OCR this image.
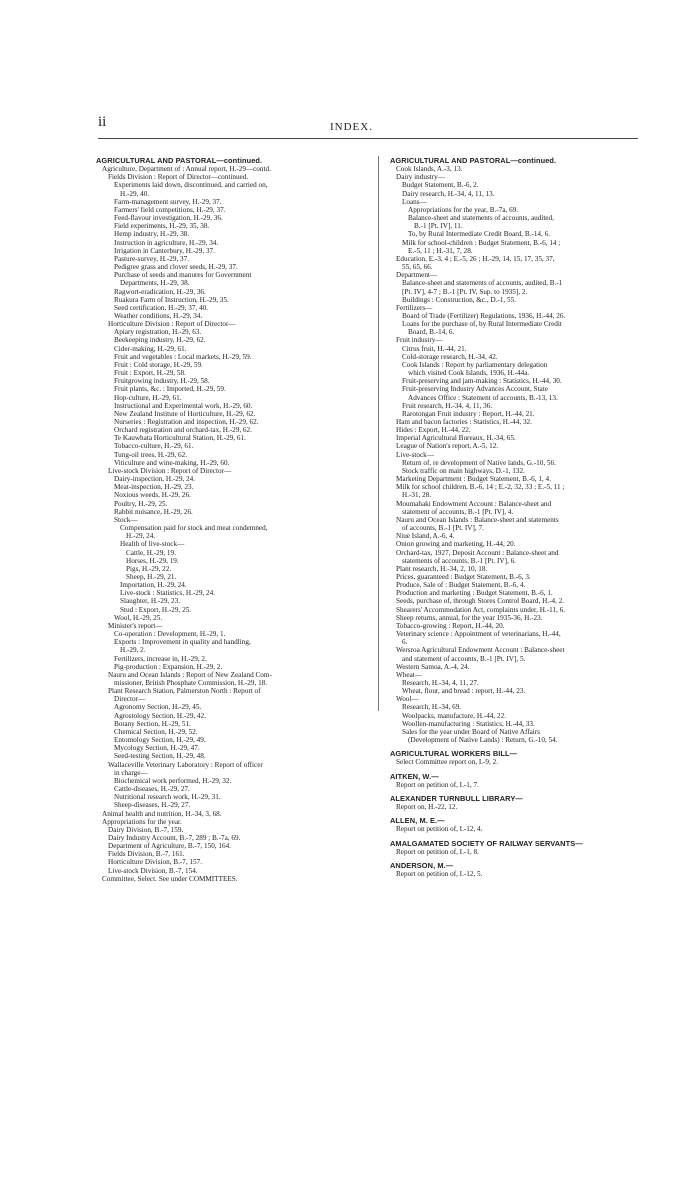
ii	INDEX.
AGRICULTURAL AND PASTORAL—continued.
Agriculture, Department of : Annual report, H.-29—contd.
Fields Division : Report of Director—continued.
Experiments laid down, discontinued, and carried on,
H.-29, 40.
Farm-management survey, H.-29, 37.
Farmers' field competitions, H.-29, 37.
Feed-flavour investigation, H.-29, 36.
Field experiments, H.-29, 35, 38.
Hemp industry, H.-29, 38.
Instruction in agriculture, H.-29, 34.
Irrigation in Canterbury, H.-29, 37.
Pasture-survey, H.-29, 37.
Pedigree grass and clover seeds, H.-29, 37.
Purchase of seeds and manures for Government
Departments, H.-29, 38.
Ragwort-eradication, H.-29, 36.
Ruakura Farm of Instruction, H.-29, 35.
Seed certification, H.-29, 37, 40.
Weather conditions, H.-29, 34.
Horticulture Division : Report of Director—
Apiary registration, H.-29, 63.
Beekeeping industry, H.-29, 62.
Cider-making, H.-29, 61.
Fruit and vegetables : Local markets, H.-29, 59.
Fruit : Cold storage, H.-29, 59.
Fruit : Export, H.-29, 58.
Fruitgrowing industry, H.-29, 58.
Fruit plants, &c. : Imported, H.-29, 59.
Hop-culture, H.-29, 61.
Instructional and Experimental work, H.-29, 60.
New Zealand Institute of Horticulture, H.-29, 62.
Nurseries : Registration and inspection, H.-29, 62.
Orchard registration and orchard-tax, H.-29, 62.
Te Kauwhata Horticultural Station, H.-29, 61.
Tobacco-culture, H.-29, 61.
Tung-oil trees, H.-29, 62.
Viticulture and wine-making, H.-29, 60.
Live-stock Division : Report of Director—
Dairy-inspection, H.-29, 24.
Meat-inspection, H.-29, 23.
Noxious weeds, H.-29, 26.
Poultry, H.-29, 25.
Rabbit nuisance, H.-29, 26.
Stock—
Compensation paid for stock and meat condemned,
H.-29, 24.
Health of live-stock—
Cattle, H.-29, 19.
Horses, H.-29, 19.
Pigs, H.-29, 22.
Sheep, H.-29, 21.
Importation, H.-29, 24.
Live-stock : Statistics, H.-29, 24.
Slaughter, H.-29, 23.
Stud : Export, H.-29, 25.
Wool, H.-29, 25.
Minister's report—
Co-operation : Development, H.-29, 1.
Exports : Improvement in quality and handling,
H.-29, 2.
Fertilizers, increase in, H.-29, 2.
Pig-production : Expansion, H.-29, 2.
Nauru and Ocean Islands : Report of New Zealand Com-
missioner, British Phosphate Commission, H.-29, 18.
Plant Research Station, Palmerston North : Report of
Director—
Agronomy Section, H.-29, 45.
Agrostology Section, H.-29, 42.
Botany Section, H.-29, 51.
Chemical Section, H.-29, 52.
Entomology Section, H.-29, 49.
Mycology Section, H.-29, 47.
Seed-testing Section, H.-29, 48.
Wallaceville Veterinary Laboratory : Report of officer
in charge—
Biochemical work performed, H.-29, 32.
Cattle-diseases, H.-29, 27.
Nutritional research work, H.-29, 31.
Sheep-diseases, H.-29, 27.
Animal health and nutrition, H.-34, 3, 68.
Appropriations for the year.
Dairy Division, B.-7, 159.
Dairy Industry Account, B.-7, 289 ; B.-7a, 69.
Department of Agriculture, B.-7, 150, 164.
Fields Division, B.-7, 161.
Horticulture Division, B.-7, 157.
Live-stock Division, B.-7, 154.
Committee, Select. See under COMMITTEES.
AGRICULTURAL AND PASTORAL—continued.
Cook Islands, A.-3, 13.
Dairy industry—
Budget Statement, B.-6, 2.
Dairy research, H.-34, 4, 11, 13.
Loans—
Appropriations for the year, B.-7a, 69.
Balance-sheet and statements of accounts, audited,
B.-1 [Pt. IV], 11.
To, by Rural Intermediate Credit Board, B.-14, 6.
Milk for school-children : Budget Statement, B.-6, 14 ;
E.-5, 11 ; H.-31, 7, 28.
Education, E.-3, 4 ; E.-5, 26 ; H.-29, 14, 15, 17, 35, 37,
55, 65, 66.
Department—
Balance-sheet and statements of accounts, audited, B.-1
[Pt. IV], 4-7 ; B.-1 [Pt. IV, Sup. to 1935], 2.
Buildings : Construction, &c., D.-1, 55.
Fertilizers—
Board of Trade (Fertilizer) Regulations, 1936, H.-44, 26.
Loans for the purchase of, by Rural Intermediate Credit
Board, B.-14, 6.
Fruit industry—
Citrus fruit, H.-44, 21.
Cold-storage research, H.-34, 42.
Cook Islands : Report by parliamentary delegation
which visited Cook Islands, 1936, H.-44a.
Fruit-preserving and jam-making : Statistics, H.-44, 30.
Fruit-preserving Industry Advances Account, State
Advances Office : Statement of accounts, B.-13, 13.
Fruit research, H.-34, 4, 11, 36.
Rarotongan Fruit industry : Report, H.-44, 21.
Ham and bacon factories : Statistics, H.-44, 32.
Hides : Export, H.-44, 22.
Imperial Agricultural Bureaux, H.-34, 65.
League of Nation's report, A.-5, 12.
Live-stock—
Return of, re development of Native lands, G.-10, 56.
Stock traffic on main highways, D.-1, 132.
Marketing Department : Budget Statement, B.-6, 1, 4.
Milk for school children, B.-6, 14 ; E.-2, 32, 33 ; E.-5, 11 ;
H.-31, 28.
Moumahaki Endowment Account : Balance-sheet and
statement of accounts, B.-1 [Pt. IV], 4.
Nauru and Ocean Islands : Balance-sheet and statements
of accounts, B.-1 [Pt. IV], 7.
Niue Island, A.-6, 4.
Onion growing and marketing, H.-44, 20.
Orchard-tax, 1927, Deposit Account : Balance-sheet and
statements of accounts, B.-1 [Pt. IV], 6.
Plant research, H.-34, 2, 10, 18.
Prices, guaranteed : Budget Statement, B.-6, 3.
Produce, Sale of : Budget Statement, B.-6, 4.
Production and marketing : Budget Statement, B.-6, 1.
Seeds, purchase of, through Stores Control Board, H.-4, 2.
Shearers' Accommodation Act, complaints under, H.-11, 6.
Sheep returns, annual, for the year 1935-36, H.-23.
Tobacco-growing : Report, H.-44, 20.
Veterinary science : Appointment of veterinarians, H.-44,
6.
Wersroa Agricultural Endowment Account : Balance-sheet
and statement of accounts, B.-1 [Pt. IV], 5.
Western Samoa, A.-4, 24.
Wheat—
Research, H.-34, 4, 11, 27.
Wheat, flour, and bread : report, H.-44, 23.
Wool—
Research, H.-34, 69.
Woolpacks, manufacture, H.-44, 22.
Woollen-manufacturing : Statistics, H.-44, 33.
Sales for the year under Board of Native Affairs
(Development of Native Lands) : Return, G.-10, 54.
AGRICULTURAL WORKERS BILL—
Select Committee report on, I.-9, 2.
AITKEN, W.—
Report on petition of, I.-1, 7.
ALEXANDER TURNBULL LIBRARY—
Report on, H.-22, 12.
ALLEN, M. E.—
Report on petition of, I.-12, 4.
AMALGAMATED SOCIETY OF RAILWAY SERVANTS—
Report on petition of, I.-1, 8.
ANDERSON, M.—
Report on petition of, I.-12, 5.
